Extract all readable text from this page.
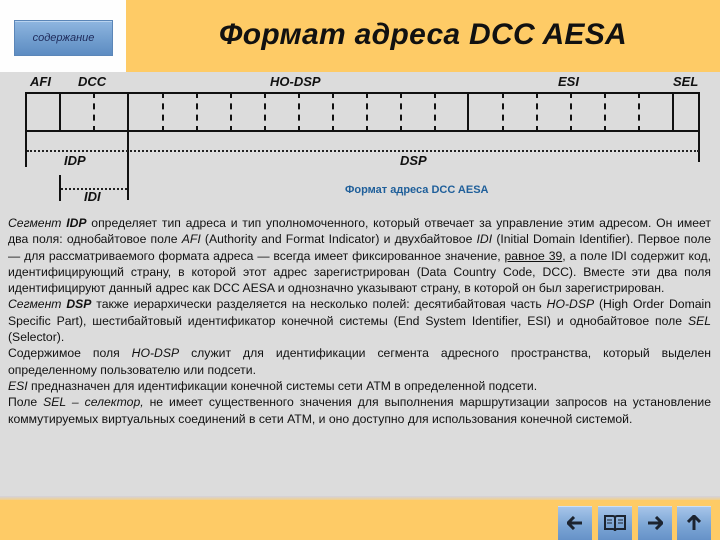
содержание	Формат адреса DCC AESA
AFI DCC	HO-DSP	ESI	SEL
IDP	DSP
IDI	Формат адреса DCC AESA

Сегмент IDP определяет тип адреса и тип уполномоченного, который отвечает за управление этим адресом. Он имеет два поля: однобайтовое поле AFI (Authority and Format Indicator) и двухбайтовое IDI (Initial Domain Identifier). Первое поле — для рассматриваемого формата адреса — всегда имеет фиксированное значение, равное 39, а поле IDI содержит код, идентифицирующий страну, в которой этот адрес зарегистрирован (Data Country Code, DCC). Вместе эти два поля идентифицируют данный адрес как DCC AESA и однозначно указывают страну, в которой он был зарегистрирован.

Сегмент DSP также иерархически разделяется на несколько полей: десятибайтовая часть HO-DSP (High Order Domain Specific Part), шестибайтовый идентификатор конечной системы (End System Identifier, ESI) и однобайтовое поле SEL (Selector).

Содержимое поля HO-DSP служит для идентификации сегмента адресного пространства, который выделен определенному пользователю или подсети.

ESI предназначен для идентификации конечной системы сети ATM в определенной подсети.

Поле SEL – селектор, не имеет существенного значения для выполнения маршрутизации запросов на установление коммутируемых виртуальных соединений в сети ATM, и оно доступно для использования конечной системой.
